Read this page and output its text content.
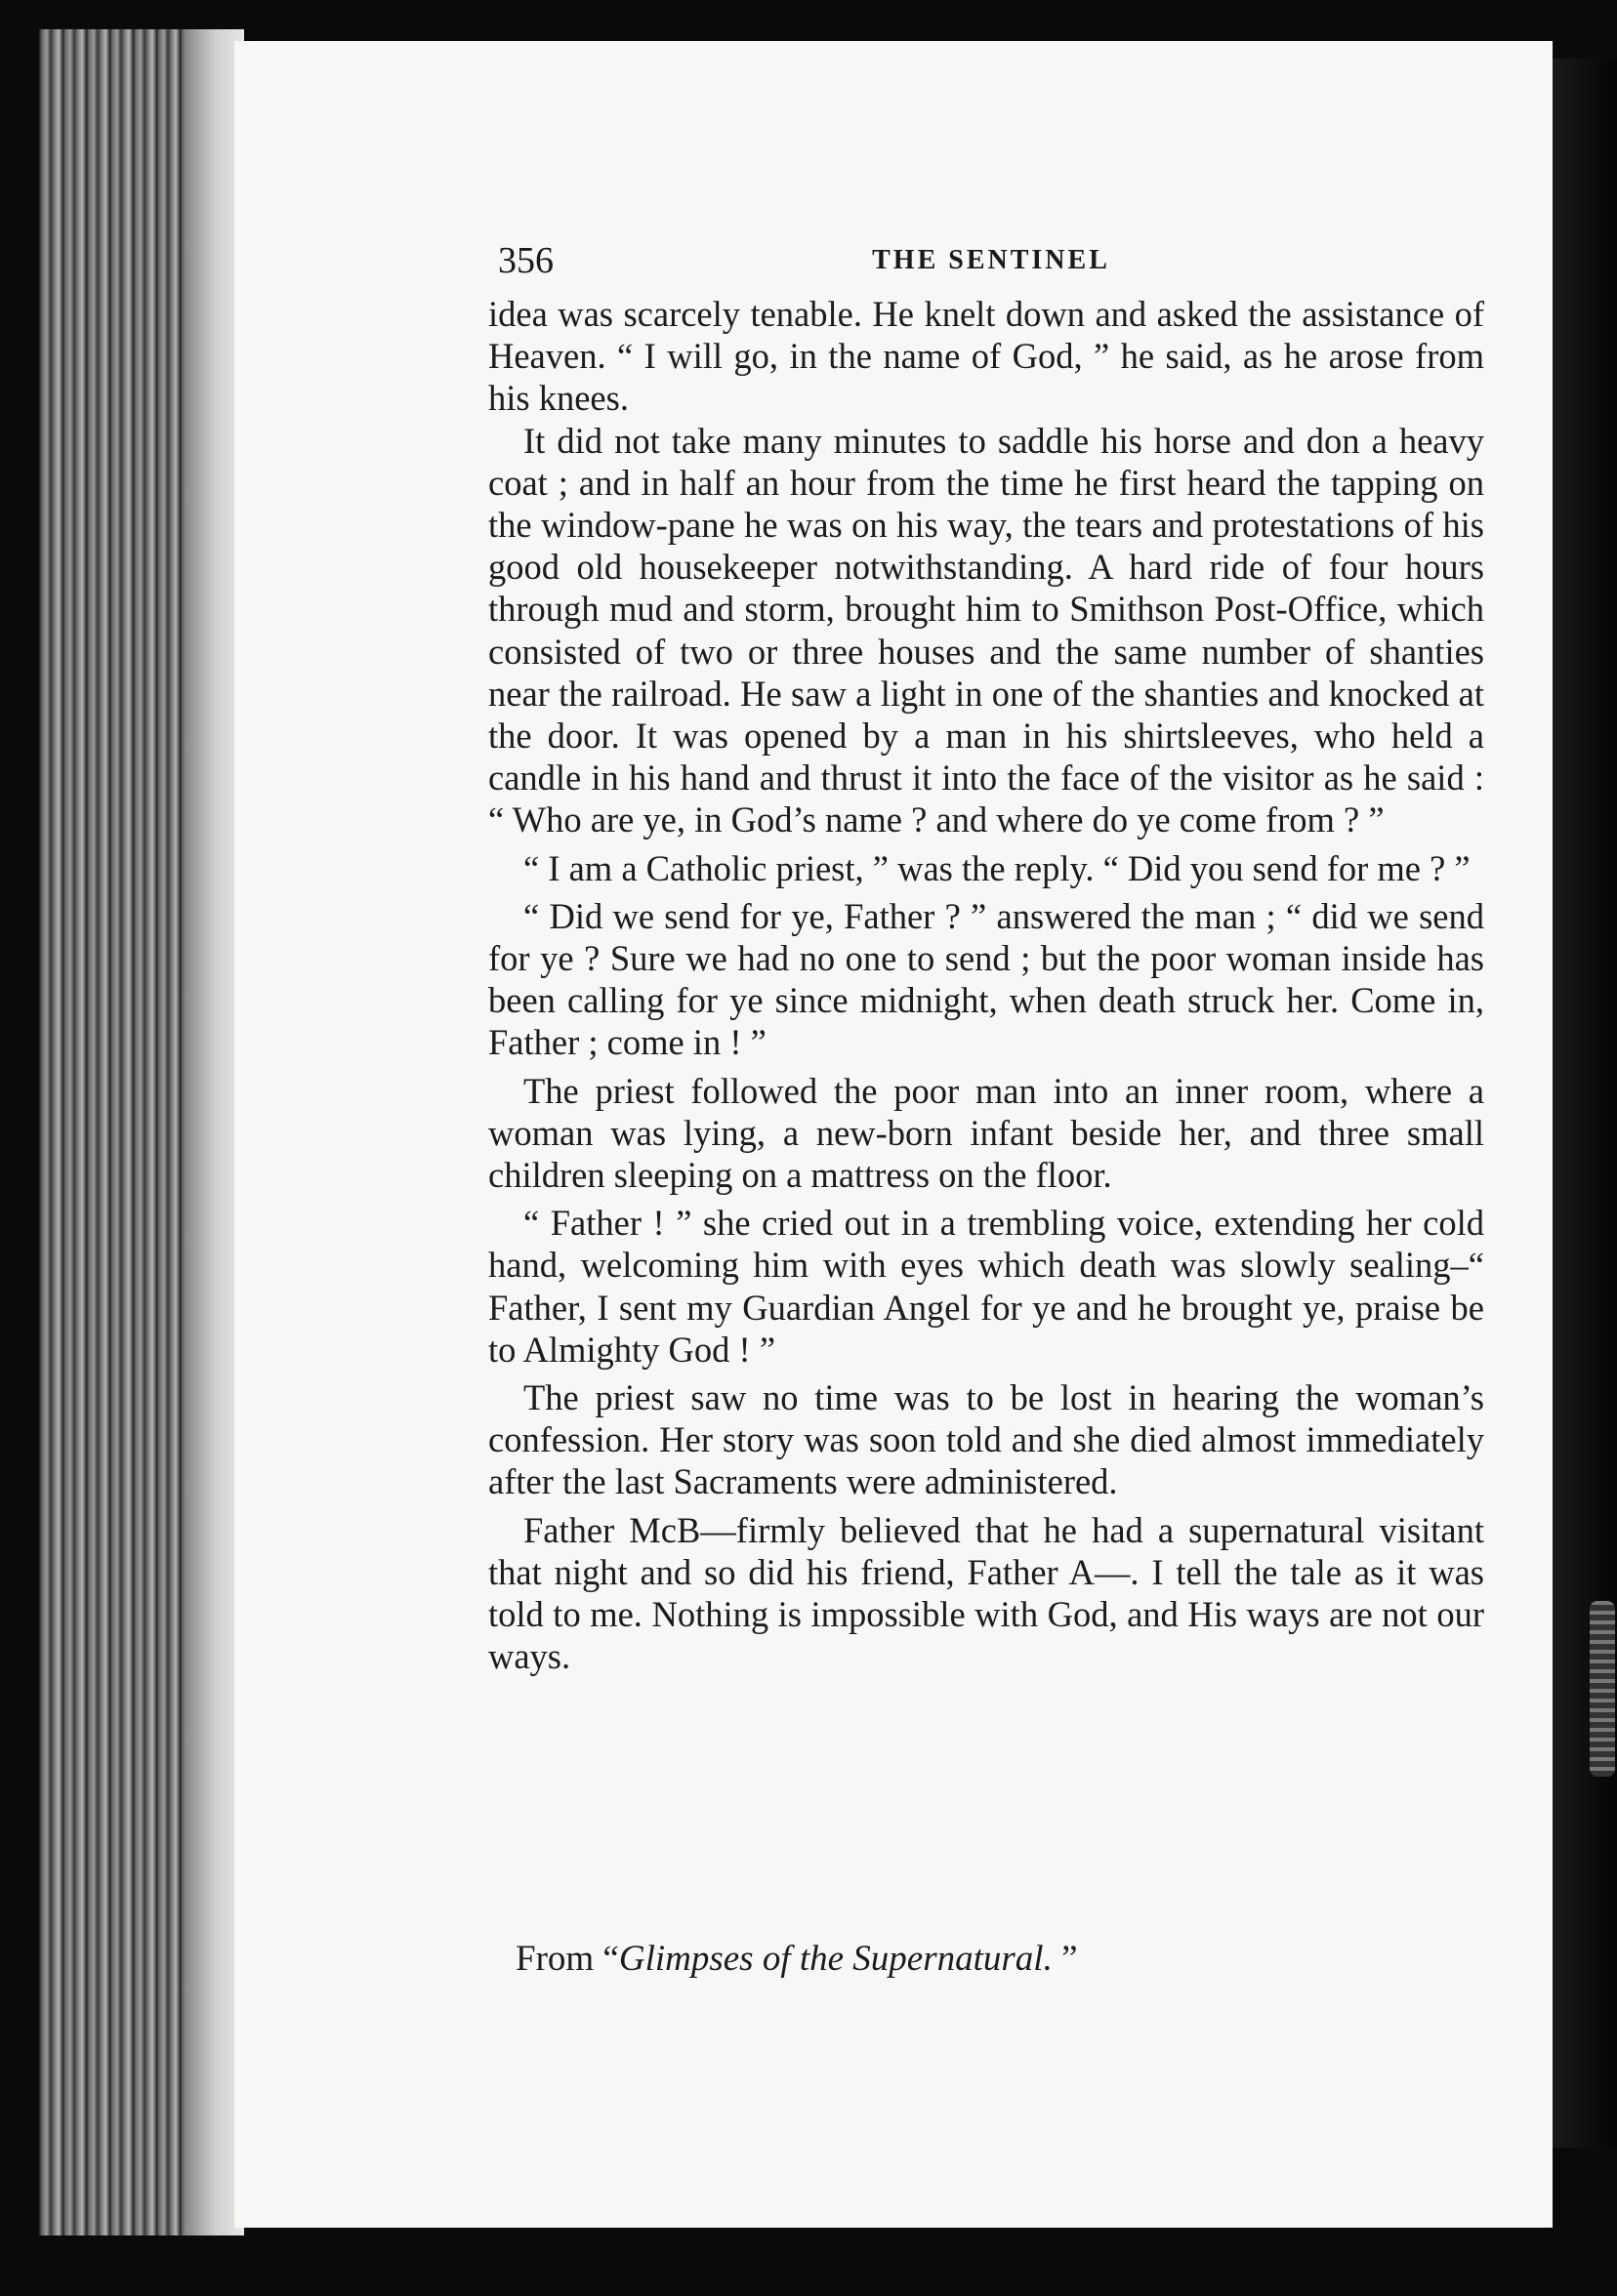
356	THE SENTINEL

idea was scarcely tenable. He knelt down and asked the assistance of Heaven. “ I will go, in the name of God, ” he said, as he arose from his knees.

It did not take many minutes to saddle his horse and don a heavy coat ; and in half an hour from the time he first heard the tapping on the window-pane he was on his way, the tears and protestations of his good old housekeeper notwithstanding. A hard ride of four hours through mud and storm, brought him to Smithson Post-Office, which consisted of two or three houses and the same number of shanties near the railroad. He saw a light in one of the shanties and knocked at the door. It was opened by a man in his shirtsleeves, who held a candle in his hand and thrust it into the face of the visitor as he said : “ Who are ye, in God’s name ? and where do ye come from ? ”

“ I am a Catholic priest, ” was the reply. “ Did you send for me ? ”

“ Did we send for ye, Father ? ” answered the man ; “ did we send for ye ? Sure we had no one to send ; but the poor woman inside has been calling for ye since midnight, when death struck her. Come in, Father ; come in ! ”

The priest followed the poor man into an inner room, where a woman was lying, a new-born infant beside her, and three small children sleeping on a mattress on the floor.

“ Father ! ” she cried out in a trembling voice, extending her cold hand, welcoming him with eyes which death was slowly sealing–“ Father, I sent my Guardian Angel for ye and he brought ye, praise be to Almighty God ! ”

The priest saw no time was to be lost in hearing the woman’s confession. Her story was soon told and she died almost immediately after the last Sacraments were administered.

Father McB—firmly believed that he had a supernatural visitant that night and so did his friend, Father A—. I tell the tale as it was told to me. Nothing is impossible with God, and His ways are not our ways.

From “Glimpses of the Supernatural. ”
